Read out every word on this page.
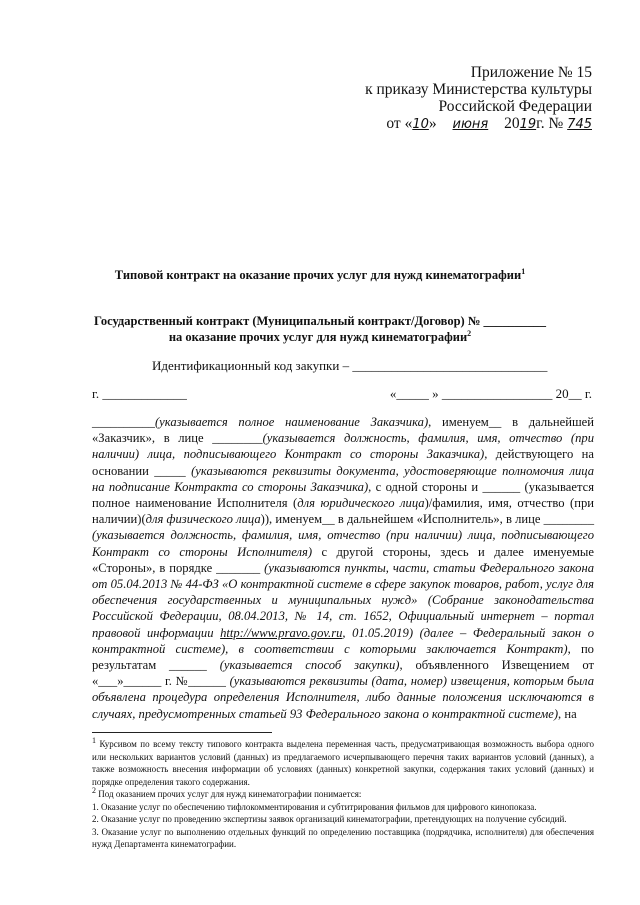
Приложение № 15
к приказу Министерства культуры
Российской Федерации
от «10» июня 2019г. № 745
Типовой контракт на оказание прочих услуг для нужд кинематографии$^1$
Государственный контракт (Муниципальный контракт/Договор) № __________
на оказание прочих услуг для нужд кинематографии$^2$
Идентификационный код закупки – ______________________________
г. _____________	«_____ » _________________ 20__ г.
__________(указывается полное наименование Заказчика), именуем__ в дальнейшей «Заказчик», в лице ________(указывается должность, фамилия, имя, отчество (при наличии) лица, подписывающего Контракт со стороны Заказчика), действующего на основании _____ (указываются реквизиты документа, удостоверяющие полномочия лица на подписание Контракта со стороны Заказчика), с одной стороны и ______ (указывается полное наименование Исполнителя (для юридического лица)/фамилия, имя, отчество (при наличии)(для физического лица)), именуем__ в дальнейшем «Исполнитель», в лице ________ (указывается должность, фамилия, имя, отчество (при наличии) лица, подписывающего Контракт со стороны Исполнителя) с другой стороны, здесь и далее именуемые «Стороны», в порядке _______ (указываются пункты, части, статьи Федерального закона от 05.04.2013 № 44-ФЗ «О контрактной системе в сфере закупок товаров, работ, услуг для обеспечения государственных и муниципальных нужд» (Собрание законодательства Российской Федерации, 08.04.2013, № 14, ст. 1652, Официальный интернет – портал правовой информации http://www.pravo.gov.ru, 01.05.2019) (далее – Федеральный закон о контрактной системе), в соответствии с которыми заключается Контракт), по результатам ______ (указывается способ закупки), объявленного Извещением от «___»______ г. №______ (указываются реквизиты (дата, номер) извещения, которым была объявлена процедура определения Исполнителя, либо данные положения исключаются в случаях, предусмотренных статьей 93 Федерального закона о контрактной системе), на

$^1$ Курсивом по всему тексту типового контракта выделена переменная часть, предусматривающая возможность выбора одного или нескольких вариантов условий (данных) из предлагаемого исчерпывающего перечня таких вариантов условий (данных), а также возможность внесения информации об условиях (данных) конкретной закупки, содержания таких условий (данных) и порядке определения такого содержания.

$^2$ Под оказанием прочих услуг для нужд кинематографии понимается:

1. Оказание услуг по обеспечению тифлокомментирования и субтитрирования фильмов для цифрового кинопоказа.

2. Оказание услуг по проведению экспертизы заявок организаций кинематографии, претендующих на получение субсидий.

3. Оказание услуг по выполнению отдельных функций по определению поставщика (подрядчика, исполнителя) для обеспечения нужд Департамента кинематографии.
